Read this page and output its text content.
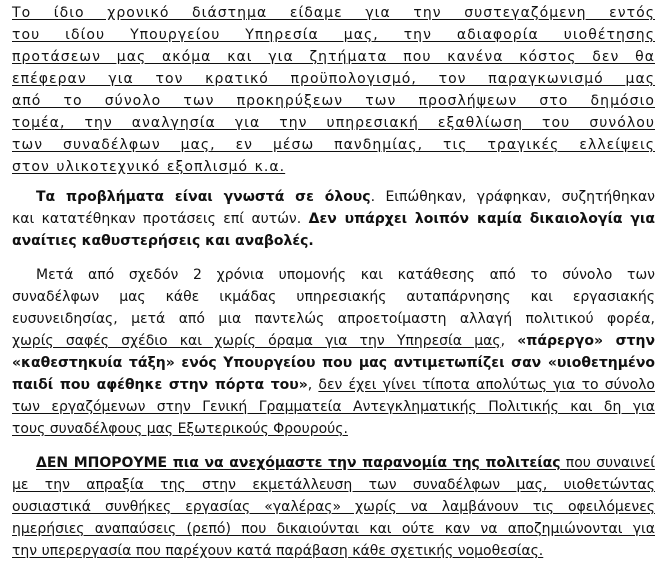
Το ίδιο χρονικό διάστημα είδαμε για την συστεγαζόμενη εντός
του ιδίου Υπουργείου Υπηρεσία μας, την αδιαφορία υιοθέτησης
προτάσεων μας ακόμα και για ζητήματα που κανένα κόστος δεν θα
επέφεραν για τον κρατικό προϋπολογισμό, τον παραγκωνισμό μας
από το σύνολο των προκηρύξεων των προσλήψεων στο δημόσιο
τομέα, την αναλγησία για την υπηρεσιακή εξαθλίωση του συνόλου
των συναδέλφων μας, εν μέσω πανδημίας, τις τραγικές ελλείψεις
στον υλικοτεχνικό εξοπλισμό κ.α.
Τα προβλήματα είναι γνωστά σε όλους. Ειπώθηκαν, γράφηκαν, συζητήθηκαν
και κατατέθηκαν προτάσεις επί αυτών. Δεν υπάρχει λοιπόν καμία δικαιολογία για
αναίτιες καθυστερήσεις και αναβολές.
Μετά από σχεδόν 2 χρόνια υπομονής και κατάθεσης από το σύνολο των
συναδέλφων μας κάθε ικμάδας υπηρεσιακής αυταπάρνησης και εργασιακής
ευσυνειδησίας, μετά από μια παντελώς απροετοίμαστη αλλαγή πολιτικού φορέα,
χωρίς σαφές σχέδιο και χωρίς όραμα για την Υπηρεσία μας, «πάρεργο» στην
«καθεστηκυία τάξη» ενός Υπουργείου που μας αντιμετωπίζει σαν «υιοθετημένο
παιδί που αφέθηκε στην πόρτα του», δεν έχει γίνει τίποτα απολύτως για το σύνολο
των εργαζόμενων στην Γενική Γραμματεία Αντεγκληματικής Πολιτικής και δη για
τους συναδέλφους μας Εξωτερικούς Φρουρούς.
ΔΕΝ ΜΠΟΡΟΥΜΕ πια να ανεχόμαστε την παρανομία της πολιτείας που συναινεί
με την απραξία της στην εκμετάλλευση των συναδέλφων μας, υιοθετώντας
ουσιαστικά συνθήκες εργασίας «γαλέρας» χωρίς να λαμβάνουν τις οφειλόμενες
ημερήσιες αναπαύσεις (ρεπό) που δικαιούνται και ούτε καν να αποζημιώνονται για
την υπερεργασία που παρέχουν κατά παράβαση κάθε σχετικής νομοθεσίας.
